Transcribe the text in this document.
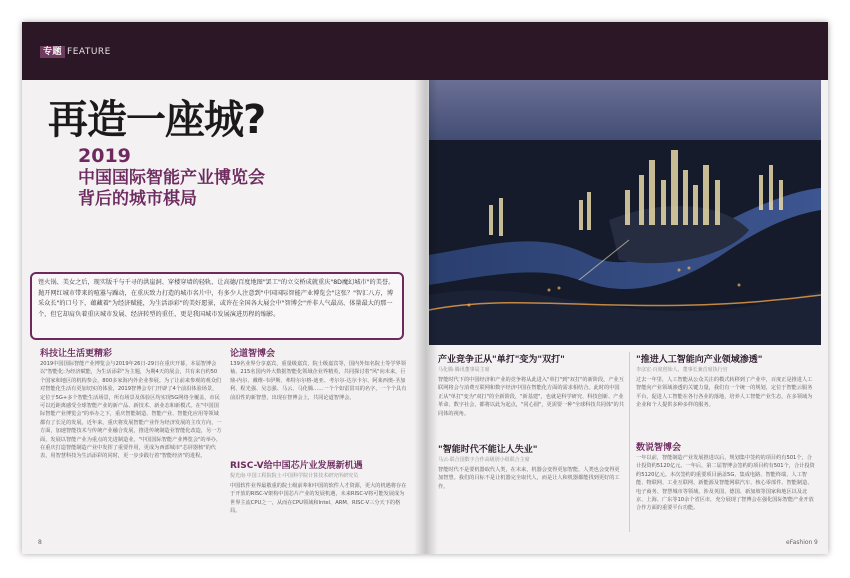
专题 FEATURE
再造一座城?
2019
中国国际智能产业博览会
背后的城市棋局
锉火锅、美女之后，现实版千与千寻的洪崖洞、穿楼穿墙的轻轨、让高德/百度地图"罢工"的立交桥成就重庆"8D魔幻城市"的美誉。抛开网红城市带来的喧嚣与躁动，在重庆致力打造的城市名片中，有多少人注意到"中国国际智能产业博览会"这张？"智汇八方，博采众长"的口号下，蕴藏着"为经济赋能，为生活添彩"的美好愿景，或许在全国各大展会中"智博会"并非人气最高、体量最大的那一个，但它却肩负着重庆城市发展、经济转型的重任，更是我国城市发展演进历程的缩影。
科技让生活更精彩
2019中国国际智能产业博览会与2019年26日-29日在重庆开幕，本届智博会以"智能化:为经济赋能，为生活添彩"为主题，为期4天的展会，共有来自约50个国家和地区的机构参会，800多家海内外企业参展。为了让前来参观的观众们对智能化生活有更加切实的体验，2019智博会专门开辟了4个前沿体验场景，定位于5G+多个智能生活场景，所有场景及体验区均实现5G网络全覆盖，市民可以近距离感受全球智能产业的新产品、新技术、新业态和新模式。在"中国国际智能产业博览会"的举办之下，重庆智能制造、智能产业、智能化应用等领域都有了长足的发展。近年来，重庆将发展智能产业作为经济发展的主攻方向，一方面，加速智能技术与传统产业融合发展，推进传统制造业智能化改造，另一方面，发展以智能产业为重点的先进制造业，"中国国际智能产业博览会"的举办，在重庆打造智能制造产业中发挥了重要作用，更成为西部城市"芯屏器核"的代表，用智慧科技为生活添彩的同时，更一步步践行着"智能经济"的进程。
论道智博会
139名业界分享嘉宾，重量级嘉宾，院士级嘉宾等，国内外知名院士等学界领袖、215名国内外大数据智能化领域企业界精英，共同探讨着"风"向未来，巨鼎-内尔、戴维-韦伊斯、弗特尔尔格-迪亚、考尔尔-达尔卡尔、阿莱西奥-圣加利、程光强、吴志强、马云、马化腾……一个个如雷贯耳的名字，一个个具有前沿性的新智慧，出现在智博会上，共同论道智博会。
RISC-V给中国芯片业发展新机遇
倪光南·中国工程院院士·中国科学院计算技术研究所研究员
中国软件业界最敬重的院士级前辈和中国的软件人才资源，更大的机遇将存在于开放的RISC-V架构中国芯片产业的发展机遇，未来RISC-V将可能发展成为世界主流CPU之一，从而在CPU领域和Intel、ARM、RISC-V三分天下的格局。
8
产业竞争正从"单打"变为"双打"
马化腾·腾讯董事局主席
智能时代下的中国经济和产业的竞争将从此进入"单打"到"双打"的新阶段，产业互联网将会与消费互联网和数字经济中国在智能化方面的需求相结合。此时的中国正从"单打"变为"双打"的全新阶段，"新基建"，也就是科学研究、科技创新、产业革命、数字社会，都将以此为起点，"同心圆"，更需要一种"全球科技共同体"的共同体的视角。
"智能时代不能让人失业"
马云·联合国数字合作高级别小组联合主席
智能时代不是要机器取代人类，在未来，机器会变得更加智能，人类也会变得更加智慧。我们的目标不是让机器完全取代人，而是让人和机器都能找到更好的工作。
"推进人工智能向产业领域渗透"
李彦宏·百度创始人、董事长兼首席执行官
过去一年里，人工智能从公众关注的模式转移到了产业中，百度正是推进人工智能向产业领域渗透的关键力量，我们有一个统一的规划，定位于智能云服务平台，促进人工智能在各行各业的落地，培养人工智能产业生态，在多领域为企业和个人提供多种多样的服务。
数说智博会
一年以前，智能制造产业发展推进以后，规划集中签约的项目约有501个，合计投资约5120亿元。一年后，第二届智博会签约的项目约有501个，合计投资约5120亿元。本次签约的重要项目涵盖5G、集成电路、智能终端、人工智能、物联网、工业互联网、新能源及智能网联汽车、核心零部件、智能制造、电子商务、智慧城市等领域，涉及英国、德国、新加坡等国家和地区以及北京、上海、广东等10余个省区市，充分展现了智博会在强化国际智能产业开放合作方面的重要平台功能。
eFashion 9
